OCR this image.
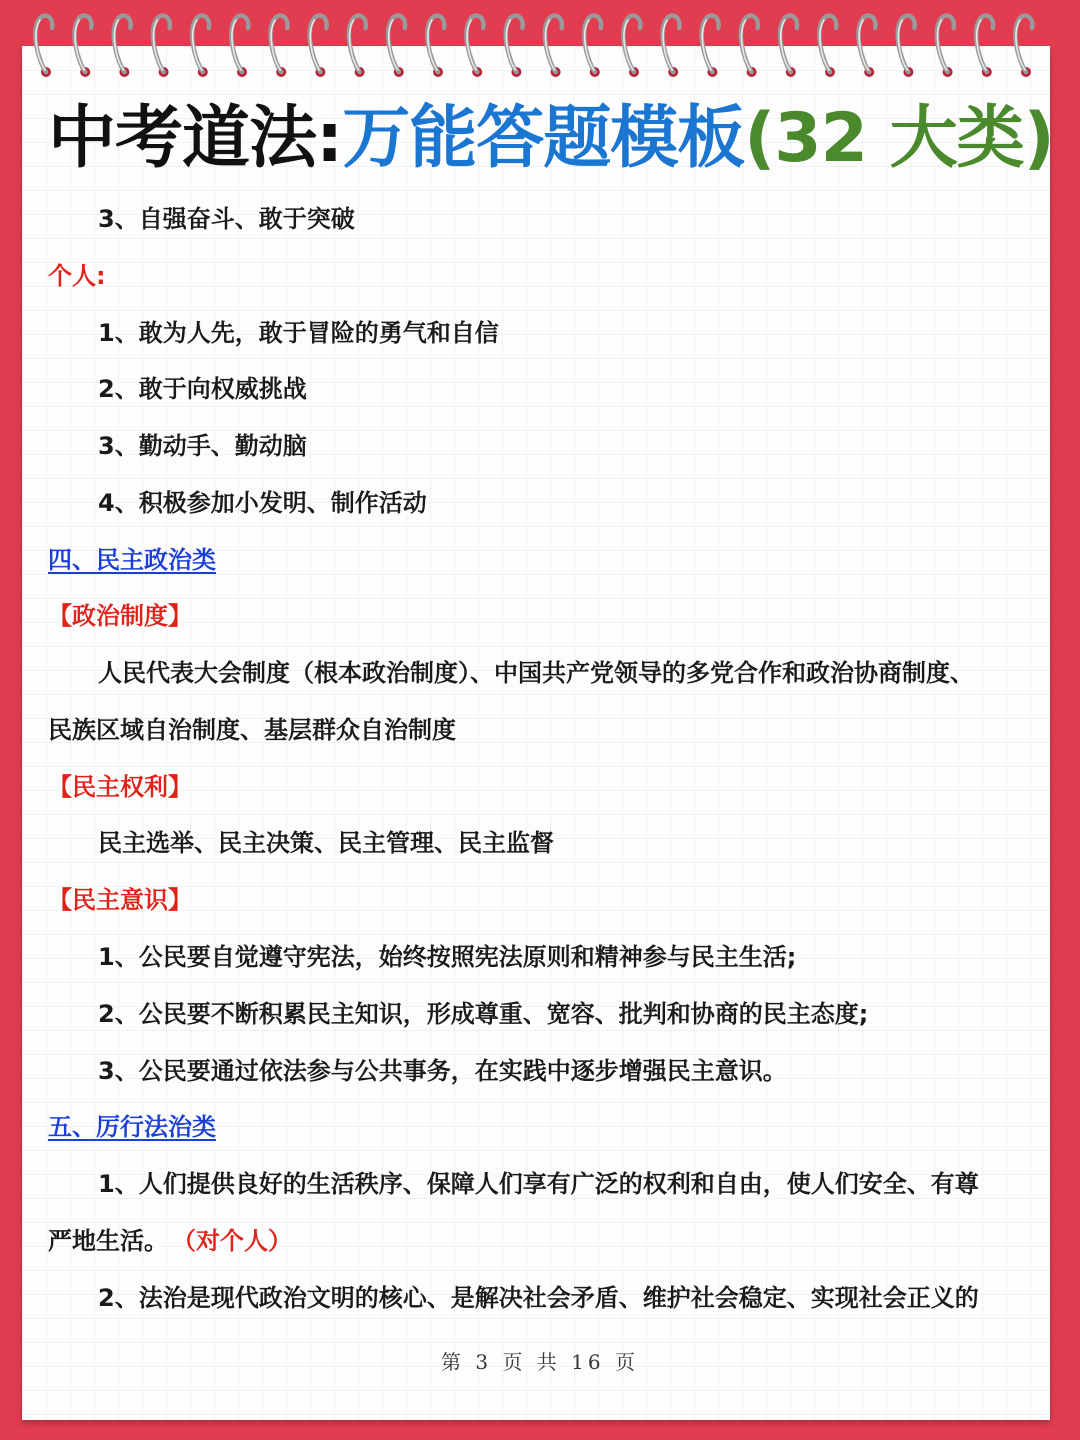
中考道法:万能答题模板(32 大类)
3、自强奋斗、敢于突破
个人:
1、敢为人先，敢于冒险的勇气和自信
2、敢于向权威挑战
3、勤动手、勤动脑
4、积极参加小发明、制作活动
四、民主政治类
【政治制度】
人民代表大会制度（根本政治制度）、中国共产党领导的多党合作和政治协商制度、
民族区域自治制度、基层群众自治制度
【民主权利】
民主选举、民主决策、民主管理、民主监督
【民主意识】
1、公民要自觉遵守宪法，始终按照宪法原则和精神参与民主生活;
2、公民要不断积累民主知识，形成尊重、宽容、批判和协商的民主态度;
3、公民要通过依法参与公共事务，在实践中逐步增强民主意识。
五、厉行法治类
1、人们提供良好的生活秩序、保障人们享有广泛的权利和自由，使人们安全、有尊
严地生活。 （对个人）
2、法治是现代政治文明的核心、是解决社会矛盾、维护社会稳定、实现社会正义的
第 3 页 共 16 页
